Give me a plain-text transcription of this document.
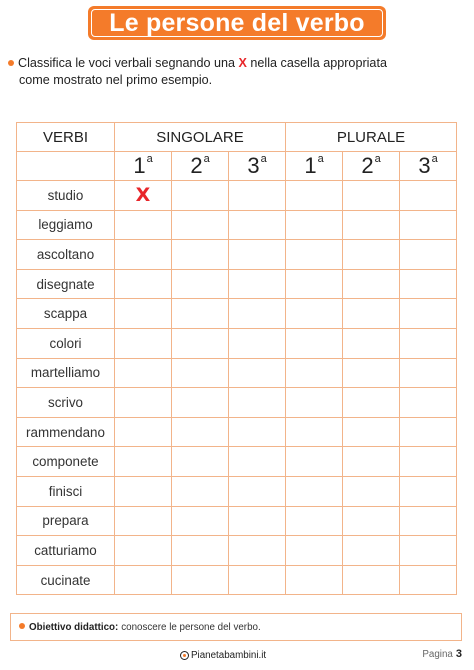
Le persone del verbo
Classifica le voci verbali segnando una X nella casella appropriata
come mostrato nel primo esempio.
VERBI	SINGOLARE			PLURALE		
	1$^a$	2$^a$	3$^a$	1$^a$	2$^a$	3$^a$
studio	X					
leggiamo						
ascoltano						
disegnate						
scappa						
colori						
martelliamo						
scrivo						
rammendano						
componete						
finisci						
prepara						
catturiamo						
cucinate						
Obiettivo didattico: conoscere le persone del verbo.
Pianetabambini.it	Pagina 3
